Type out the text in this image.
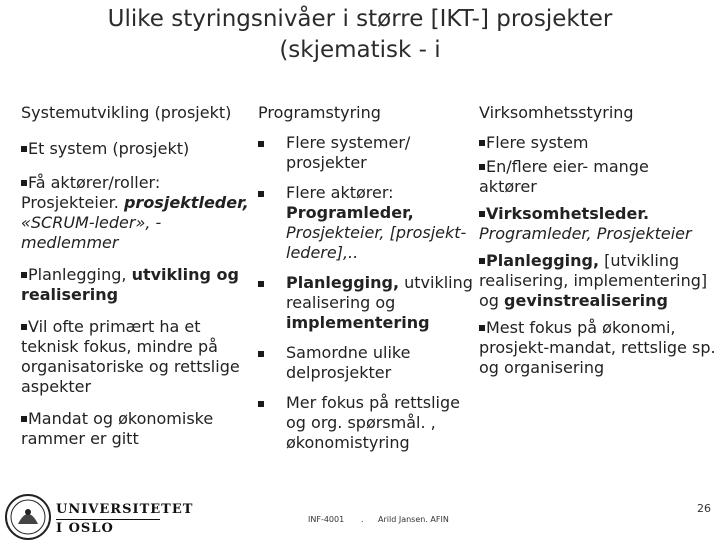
Ulike styringsnivåer i større [IKT-] prosjekter
(skjematisk - i
Systemutvikling (prosjekt)

Et system (prosjekt)

Få aktører/roller:
Prosjekteier. prosjektleder,
«SCRUM-leder», -
medlemmer

Planlegging, utvikling og
realisering

Vil ofte primært ha et
teknisk fokus, mindre på
organisatoriske og rettslige
aspekter

Mandat og økonomiske
rammer er gitt

Programstyring
Flere systemer/
prosjekter
Flere aktører:
Programleder,
Prosjekteier, [prosjekt-
ledere],..
Planlegging, utvikling
realisering og
implementering
Samordne ulike
delprosjekter
Mer fokus på rettslige
og org. spørsmål. ,
økonomistyring
Virksomhetsstyring

Flere system

En/flere eier- mange
aktører

Virksomhetsleder.
Programleder, Prosjekteier

Planlegging, [utvikling
realisering, implementering]
og gevinstrealisering

Mest fokus på økonomi,
prosjekt-mandat, rettslige sp.
og organisering

UNIVERSITETET
I OSLO
INF-4001 . Arild Jansen. AFIN
26
